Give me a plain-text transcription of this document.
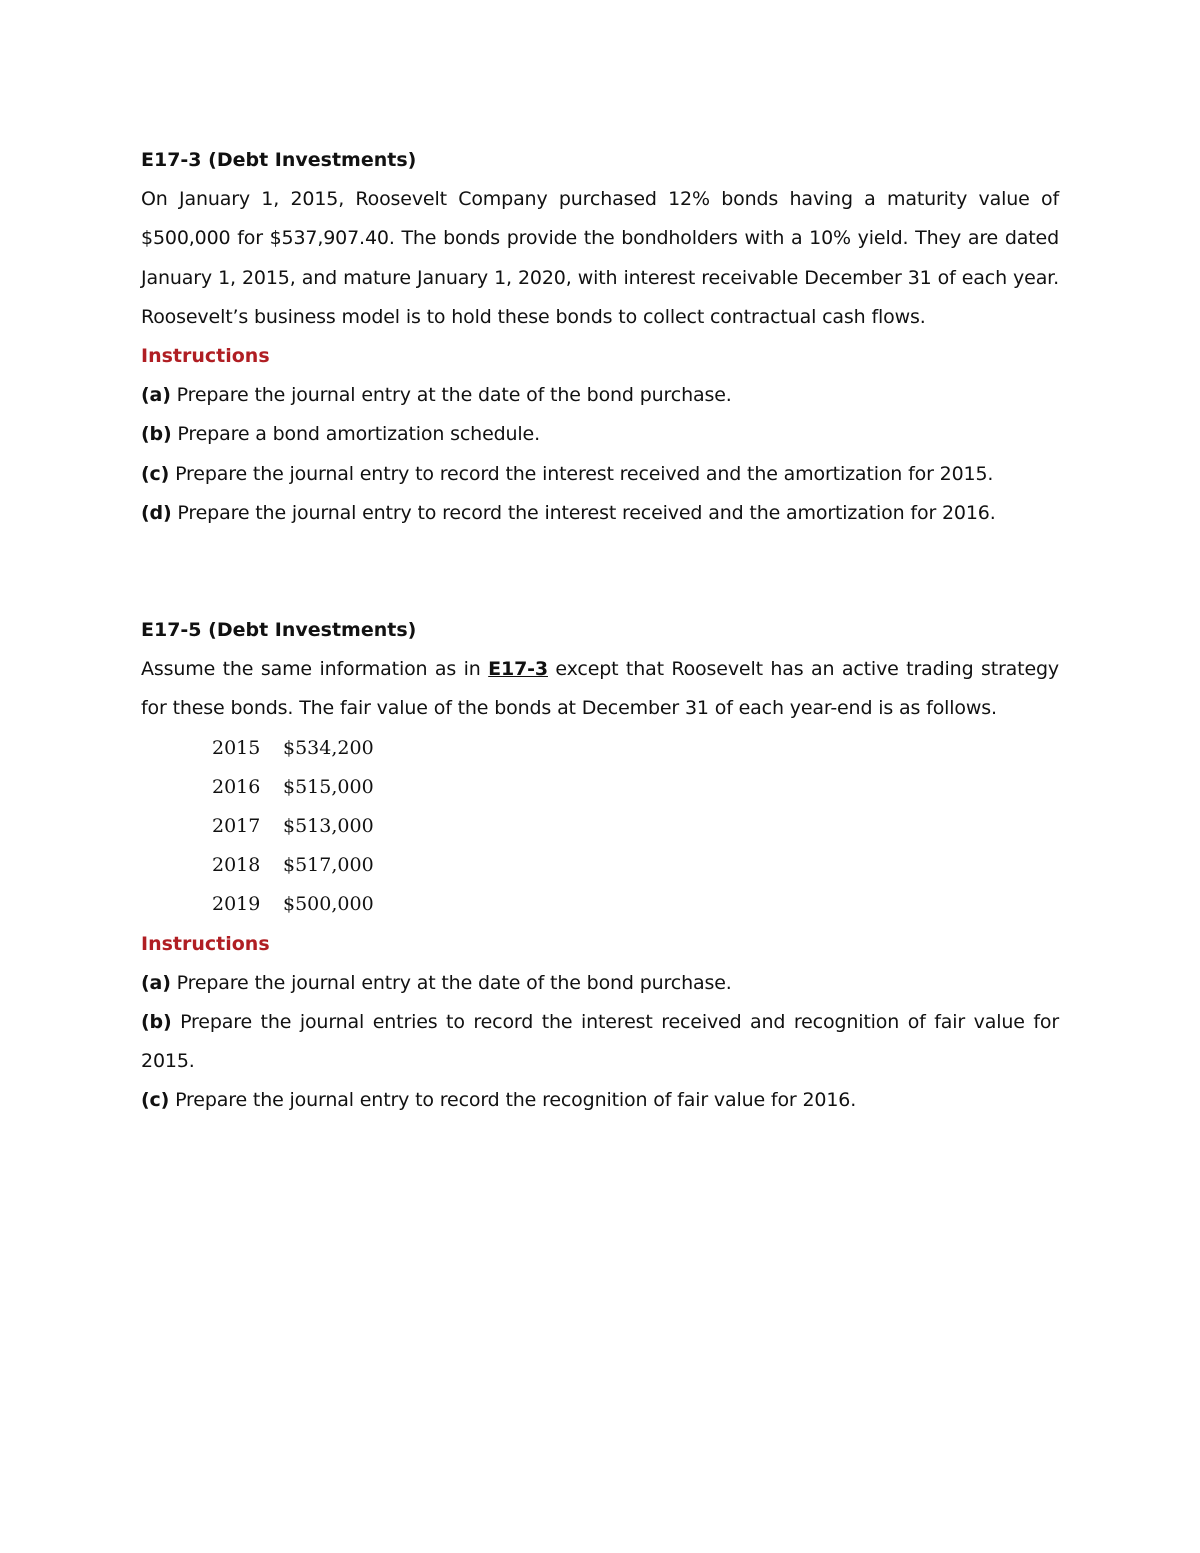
E17-3 (Debt Investments)

On January 1, 2015, Roosevelt Company purchased 12% bonds having a maturity value of $500,000 for $537,907.40. The bonds provide the bondholders with a 10% yield. They are dated January 1, 2015, and mature January 1, 2020, with interest receivable December 31 of each year. Roosevelt’s business model is to hold these bonds to collect contractual cash flows.

Instructions

(a) Prepare the journal entry at the date of the bond purchase.

(b) Prepare a bond amortization schedule.

(c) Prepare the journal entry to record the interest received and the amortization for 2015.

(d) Prepare the journal entry to record the interest received and the amortization for 2016.

E17-5 (Debt Investments)

Assume the same information as in E17-3 except that Roosevelt has an active trading strategy for these bonds. The fair value of the bonds at December 31 of each year-end is as follows.

2015	$534,200
2016	$515,000
2017	$513,000
2018	$517,000
2019	$500,000

Instructions

(a) Prepare the journal entry at the date of the bond purchase.

(b) Prepare the journal entries to record the interest received and recognition of fair value for 2015.

(c) Prepare the journal entry to record the recognition of fair value for 2016.
